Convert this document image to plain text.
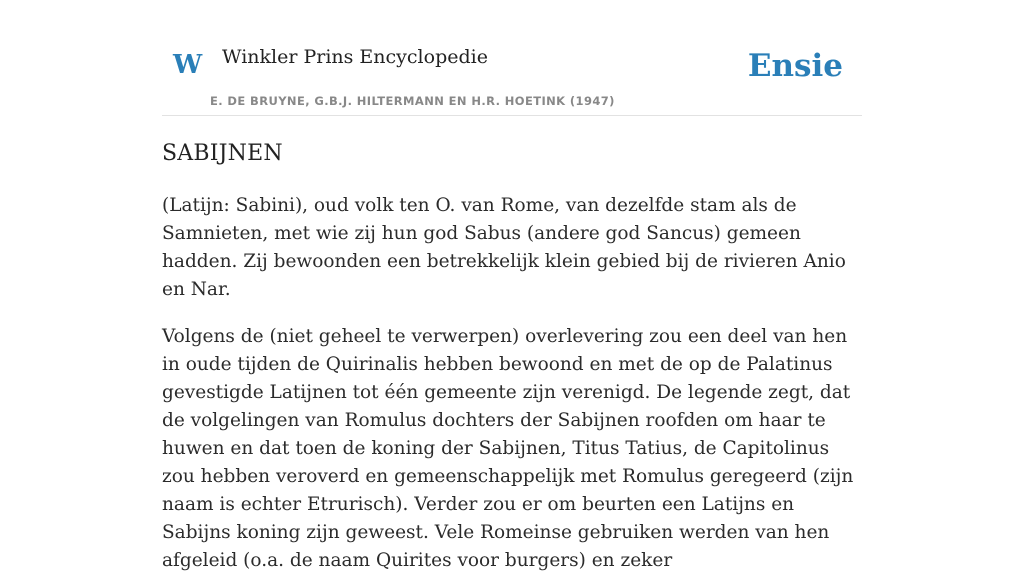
W Winkler Prins Encyclopedie
E. DE BRUYNE, G.B.J. HILTERMANN EN H.R. HOETINK (1947)
Ensie
SABIJNEN

(Latijn: Sabini), oud volk ten O. van Rome, van dezelfde stam als de Samnieten, met wie zij hun god Sabus (andere god Sancus) gemeen hadden. Zij bewoonden een betrekkelijk klein gebied bij de rivieren Anio en Nar.

Volgens de (niet geheel te verwerpen) overlevering zou een deel van hen in oude tijden de Quirinalis hebben bewoond en met de op de Palatinus gevestigde Latijnen tot één gemeente zijn verenigd. De legende zegt, dat de volgelingen van Romulus dochters der Sabijnen roofden om haar te huwen en dat toen de koning der Sabijnen, Titus Tatius, de Capitolinus zou hebben veroverd en gemeenschappelijk met Romulus geregeerd (zijn naam is echter Etrurisch). Verder zou er om beurten een Latijns en Sabijns koning zijn geweest. Vele Romeinse gebruiken werden van hen afgeleid (o.a. de naam Quirites voor burgers) en zeker
